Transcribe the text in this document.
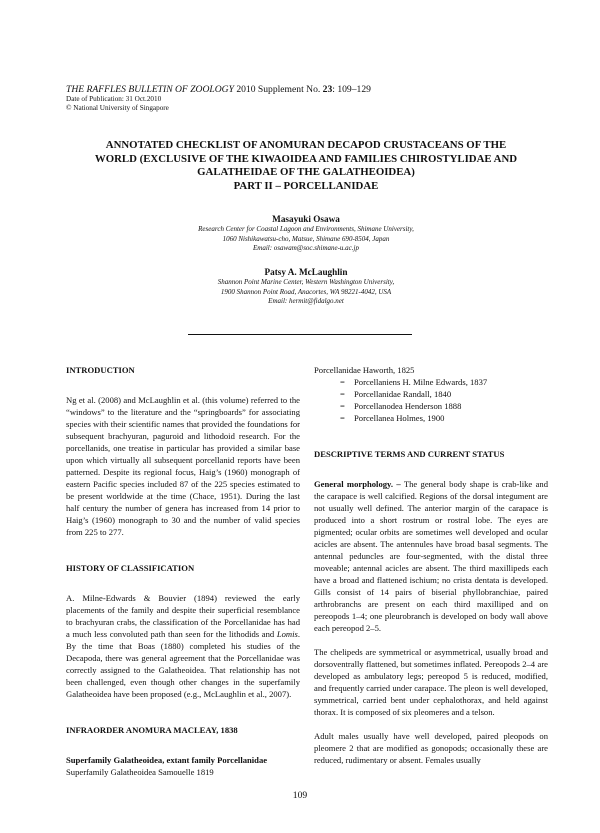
THE RAFFLES BULLETIN OF ZOOLOGY 2010 Supplement No. 23: 109–129
Date of Publication: 31 Oct.2010
© National University of Singapore
ANNOTATED CHECKLIST OF ANOMURAN DECAPOD CRUSTACEANS OF THE
WORLD (EXCLUSIVE OF THE KIWAOIDEA AND FAMILIES CHIROSTYLIDAE AND
GALATHEIDAE OF THE GALATHEOIDEA)
PART II – PORCELLANIDAE
Masayuki Osawa
Research Center for Coastal Lagoon and Environments, Shimane University,
1060 Nishikawatsu-cho, Matsue, Shimane 690-8504, Japan
Email: osawam@soc.shimane-u.ac.jp
Patsy A. McLaughlin
Shannon Point Marine Center, Western Washington University,
1900 Shannon Point Road, Anacortes, WA 98221-4042, USA
Email: hermit@fidalgo.net

INTRODUCTION

Ng et al. (2008) and McLaughlin et al. (this volume) referred to the “windows” to the literature and the “springboards” for associating species with their scientific names that provided the foundations for subsequent brachyuran, paguroid and lithodoid research. For the porcellanids, one treatise in particular has provided a similar base upon which virtually all subsequent porcellanid reports have been patterned. Despite its regional focus, Haig’s (1960) monograph of eastern Pacific species included 87 of the 225 species estimated to be present worldwide at the time (Chace, 1951). During the last half century the number of genera has increased from 14 prior to Haig’s (1960) monograph to 30 and the number of valid species from 225 to 277.

HISTORY OF CLASSIFICATION

A. Milne-Edwards & Bouvier (1894) reviewed the early placements of the family and despite their superficial resemblance to brachyuran crabs, the classification of the Porcellanidae has had a much less convoluted path than seen for the lithodids and Lomis. By the time that Boas (1880) completed his studies of the Decapoda, there was general agreement that the Porcellanidae was correctly assigned to the Galatheoidea. That relationship has not been challenged, even though other changes in the superfamily Galatheoidea have been proposed (e.g., McLaughlin et al., 2007).

INFRAORDER ANOMURA MACLEAY, 1838

Superfamily Galatheoidea, extant family Porcellanidae

Superfamily Galatheoidea Samouelle 1819

Porcellanidae Haworth, 1825

= Porcellaniens H. Milne Edwards, 1837
= Porcellanidae Randall, 1840
= Porcellanodea Henderson 1888
= Porcellanea Holmes, 1900

DESCRIPTIVE TERMS AND CURRENT STATUS

General morphology. – The general body shape is crab-like and the carapace is well calcified. Regions of the dorsal integument are not usually well defined. The anterior margin of the carapace is produced into a short rostrum or rostral lobe. The eyes are pigmented; ocular orbits are sometimes well developed and ocular acicles are absent. The antennules have broad basal segments. The antennal peduncles are four-segmented, with the distal three moveable; antennal acicles are absent. The third maxillipeds each have a broad and flattened ischium; no crista dentata is developed. Gills consist of 14 pairs of biserial phyllobranchiae, paired arthrobranchs are present on each third maxilliped and on pereopods 1–4; one pleurobranch is developed on body wall above each pereopod 2–5.

The chelipeds are symmetrical or asymmetrical, usually broad and dorsoventrally flattened, but sometimes inflated. Pereopods 2–4 are developed as ambulatory legs; pereopod 5 is reduced, modified, and frequently carried under carapace. The pleon is well developed, symmetrical, carried bent under cephalothorax, and held against thorax. It is composed of six pleomeres and a telson.

Adult males usually have well developed, paired pleopods on pleomere 2 that are modified as gonopods; occasionally these are reduced, rudimentary or absent. Females usually

109
